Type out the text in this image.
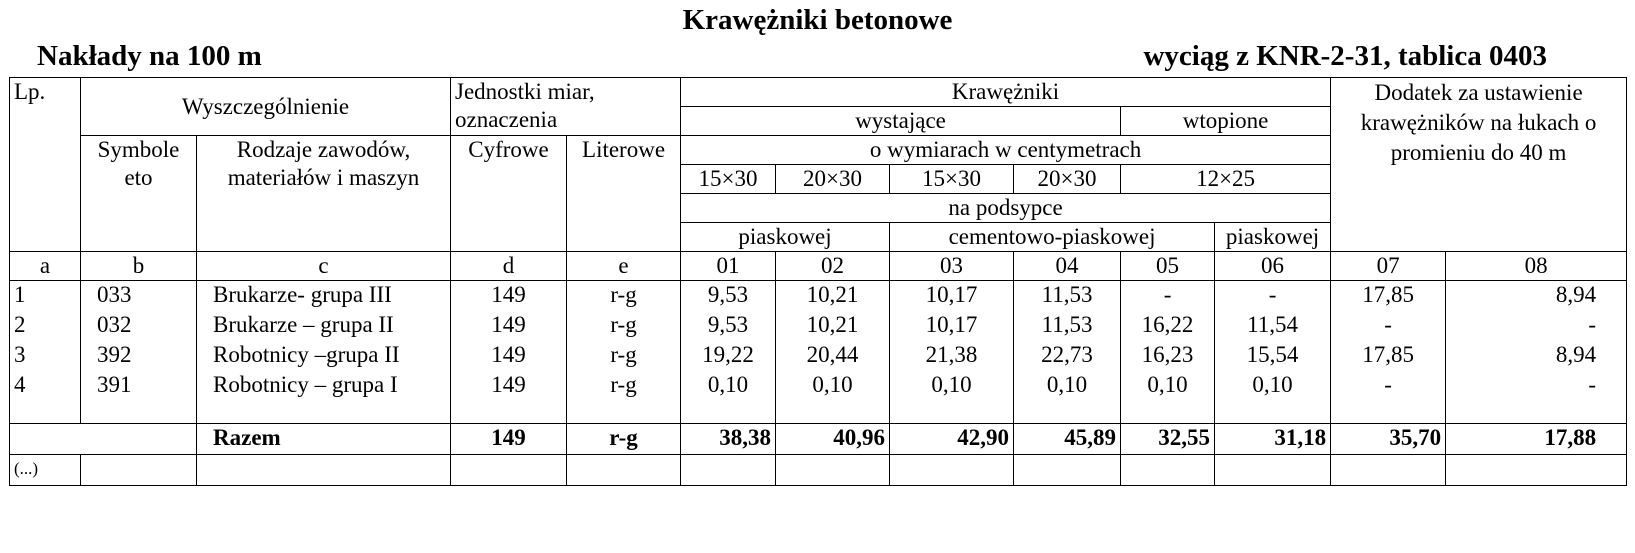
Krawężniki betonowe
Nakłady na 100 m	wyciąg z KNR-2-31, tablica 0403
Lp.	Wyszczególnienie		Jednostki miar, oznaczenia		Krawężniki						Dodatek za ustawienie krawężników na łukach o promieniu do 40 m	
					wystające				wtopione			
	Symbole eto	Rodzaje zawodów, materiałów i maszyn	Cyfrowe	Literowe	o wymiarach w centymetrach							
					15×30	20×30	15×30	20×30	12×25			
					na podsypce							
					piaskowej		cementowo-piaskowej			piaskowej		
a	b	c	d	e	01	02	03	04	05	06	07	08
1	033	Brukarze- grupa III	149	r-g	9,53	10,21	10,17	11,53	-	-	17,85	8,94
2	032	Brukarze – grupa II	149	r-g	9,53	10,21	10,17	11,53	16,22	11,54	-	-
3	392	Robotnicy –grupa II	149	r-g	19,22	20,44	21,38	22,73	16,23	15,54	17,85	8,94
4	391	Robotnicy – grupa I	149	r-g	0,10	0,10	0,10	0,10	0,10	0,10	-	-

		Razem	149	r-g	38,38	40,96	42,90	45,89	32,55	31,18	35,70	17,88
(...)												
